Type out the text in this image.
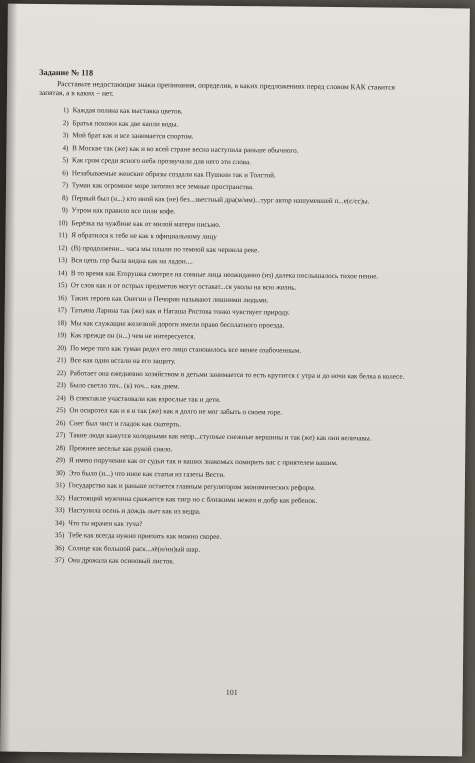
Задание № 118
Расставьте недостающие знаки препинания, определив, в каких предложениях перед словом КАК ставится запятая, а в каких – нет.
1) Каждая поляна как выставка цветов.
2) Братья похожи как две капли воды.
3) Мой брат как и все занимается спортом.
4) В Москве так (же) как и во всей стране весна наступила раньше обычного.
5) Как гром среди ясного неба прозвучали для него эти слова.
6) Незабываемые женские образы создали как Пушкин так и Толстой.
7) Туман как огромное море затопил все земные пространства.
8) Первый был (н...) кто иной как (не) без...звестный дра(м/мм)...тург автор нашумевшей п...е(с/сс)ы.
9) Утром как правило все пили кофе.
10) Берёзка на чужбине как от милой матери письмо.
11) Я обратился к тебе не как к официальному лицу
12) (В) продолжени... часа мы плыли по темной как чернила реке.
13) Вся цепь гор была видна как на ладон....
14) В то время как Егорушка смотрел на сонные лица неожиданно (из) далека послышалось тихое пение.
15) От слов как и от острых предметов могут остават...ся уколы на всю жизнь.
16) Таких героев как Онегин и Печорин называют лишними людьми.
17) Татьяна Ларина так (же) как и Наташа Ростова тонко чувствует природу.
18) Мы как служащие железной дороги имели право бесплатного проезда.
19) Как прежде он (н...) чем не интересуется.
20) По мере того как туман редел его лицо становилось все менее озабоченным.
21) Все как один встали на его защиту.
22) Работает она ежедневно хозяйством и детьми занимается то есть крутится с утра и до ночи как белка в колесе.
23) Было светло точ.. (в) точ... как днем.
24) В спектакле участвовали как взрослые так и дети.
25) Он осиротел как и я и так (же) как я долго не мог забыть о своем горе.
26) Снег был чист и гладок как скатерть.
27) Такие люди кажутся холодными как непр...ступные снежные вершины и так (же) как они величавы.
28) Прежнее веселье как рукой сняло.
29) Я имею поручение как от судьи так и ваших знакомых помирить вас с приятелем вашим.
30) Это было (н...) что иное как статья из газеты Вести.
31) Государство как и раньше остается главным регулятором экономических реформ.
32) Настоящий мужчина сражается как тигр но с близкими нежен и добр как ребенок.
33) Наступила осень и дождь льет как из ведра.
34) Что ты мрачен как туча?
35) Тебе как всегда нужно приехать как можно скорее.
36) Солнце как большой раск...лё(н/нн)ый шар.
37) Она дрожала как осиновый листок.
101
